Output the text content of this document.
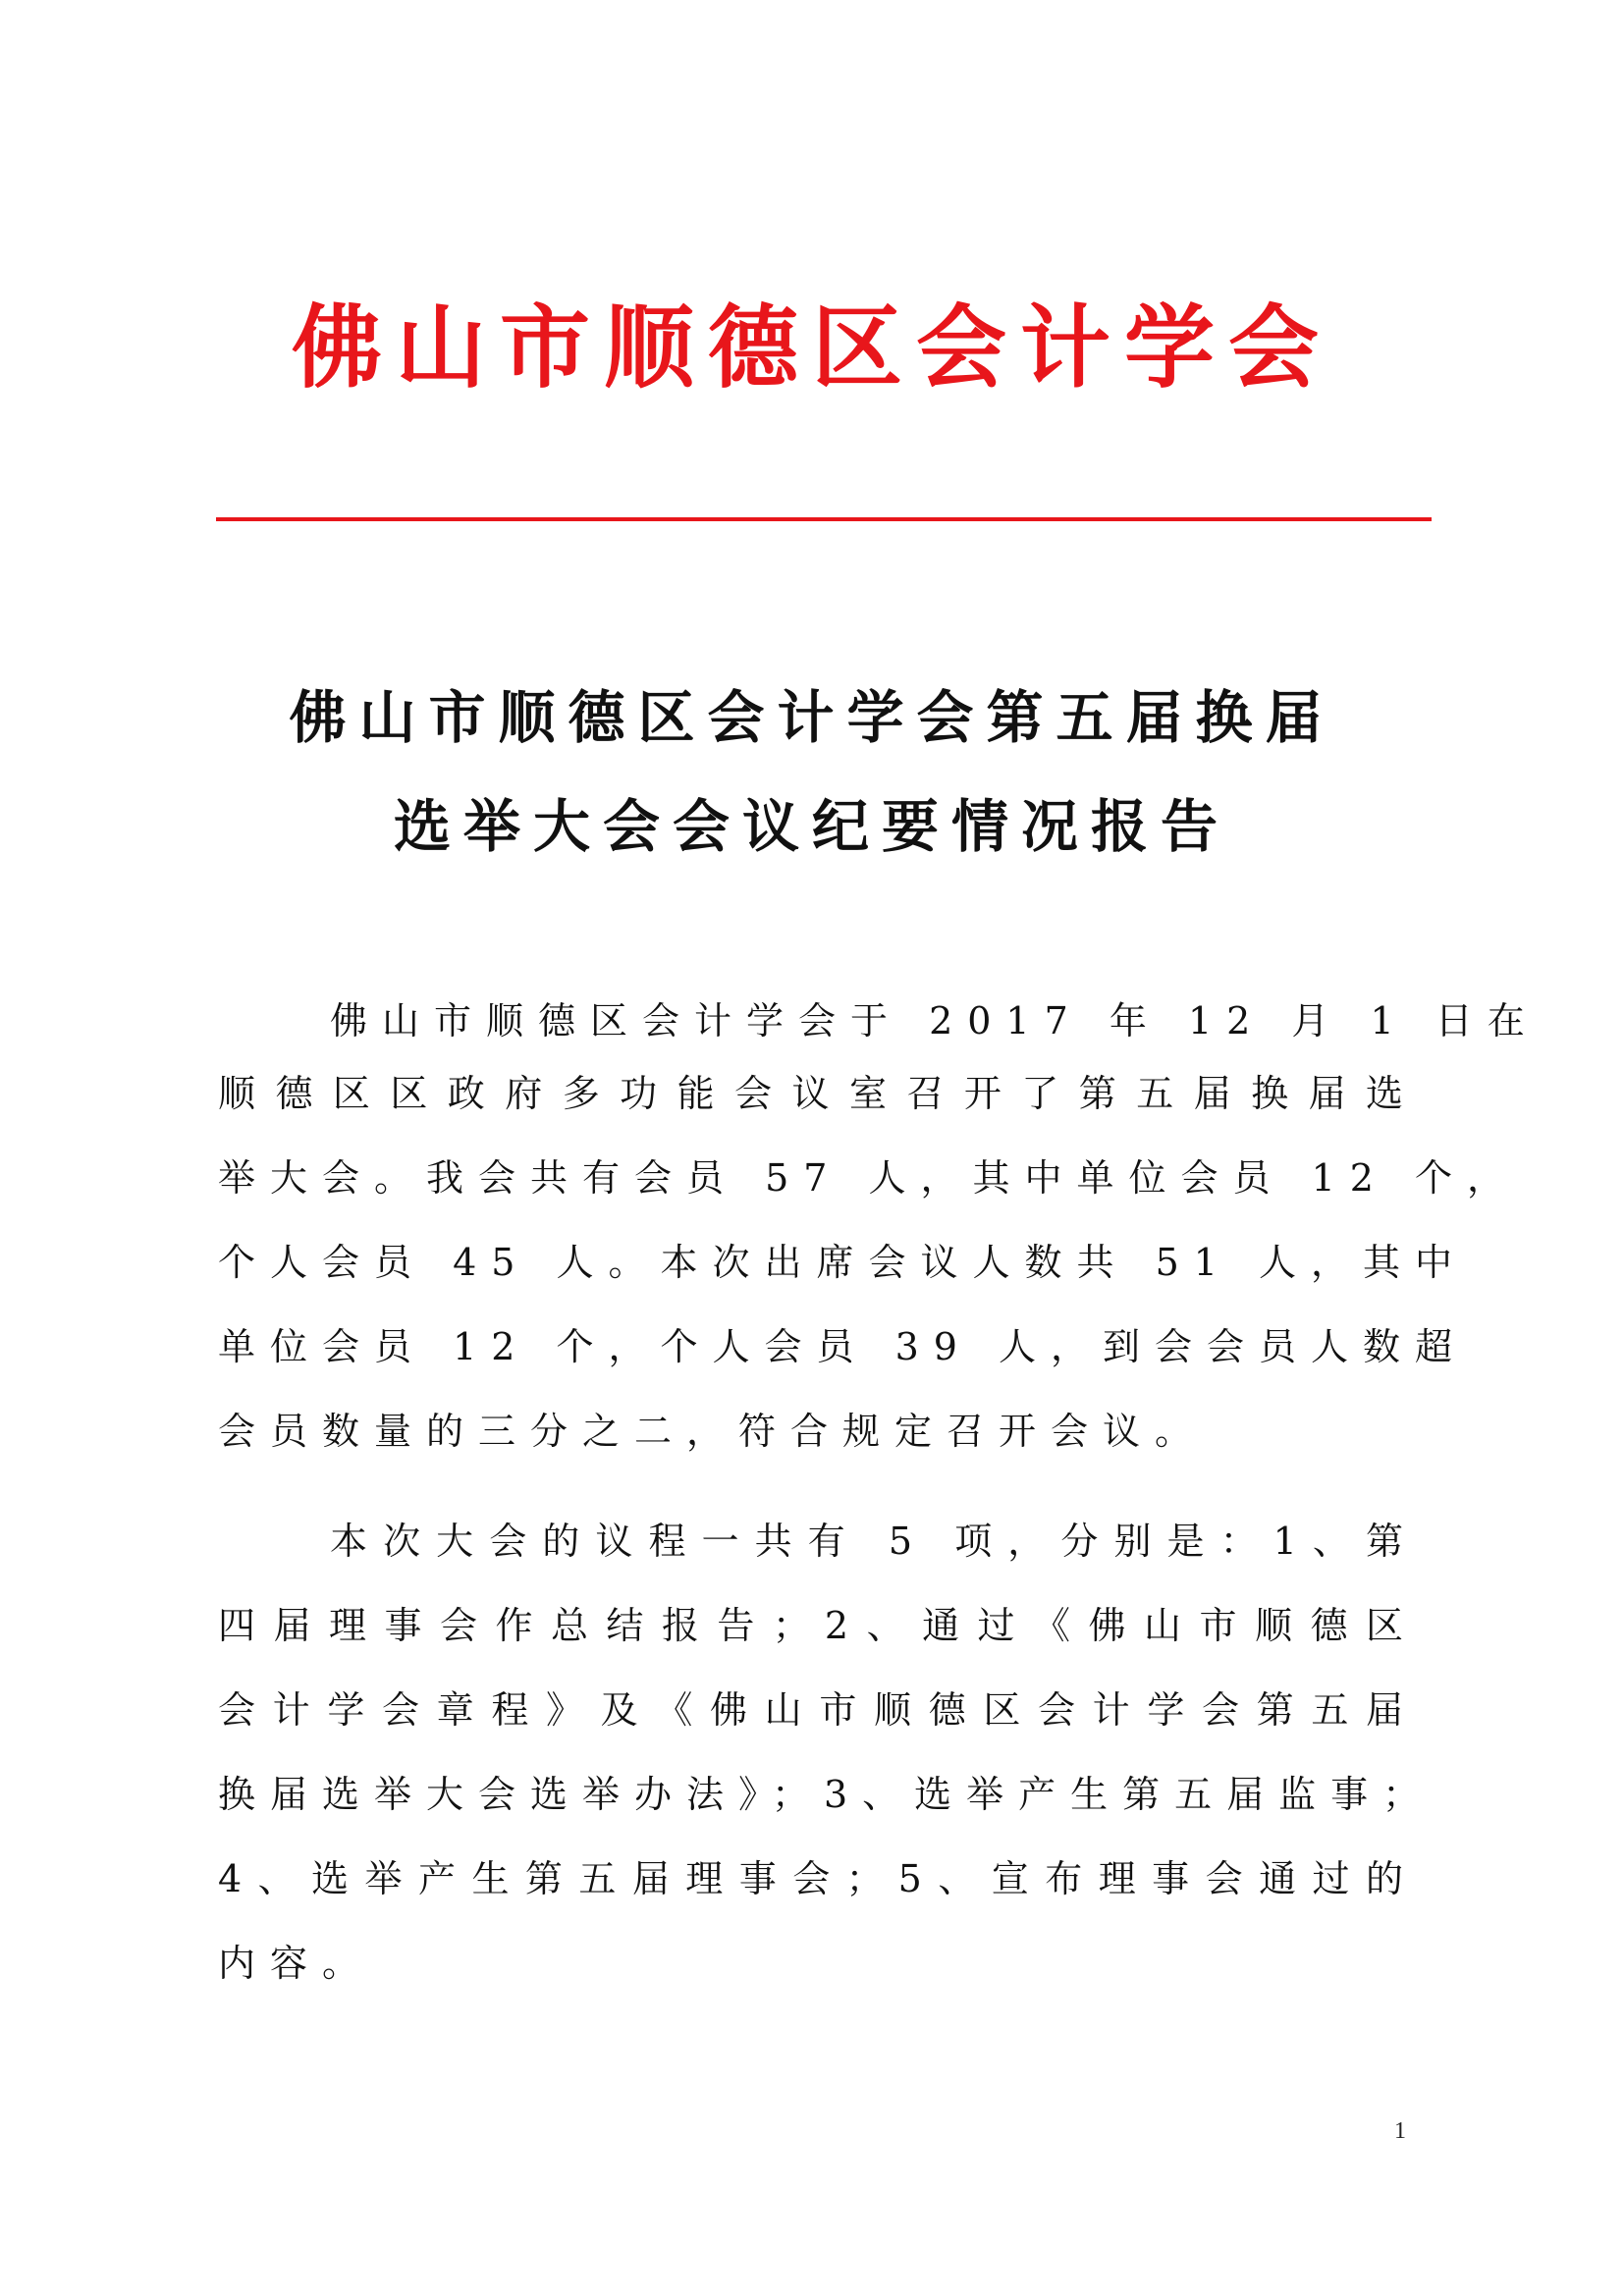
佛山市顺德区会计学会
佛山市顺德区会计学会第五届换届
选举大会会议纪要情况报告
佛山市顺德区会计学会于 2017 年 12 月 1 日在
顺德区区政府多功能会议室召开了第五届换届选
举大会。我会共有会员 57 人，其中单位会员 12 个，
个人会员 45 人。本次出席会议人数共 51 人，其中
单位会员 12 个，个人会员 39 人，到会会员人数超
会员数量的三分之二，符合规定召开会议。
本次大会的议程一共有 5 项，分别是：1、第
四届理事会作总结报告；2、通过《佛山市顺德区
会计学会章程》及《佛山市顺德区会计学会第五届
换届选举大会选举办法》；3、选举产生第五届监事；
4、选举产生第五届理事会；5、宣布理事会通过的
内容。
1
